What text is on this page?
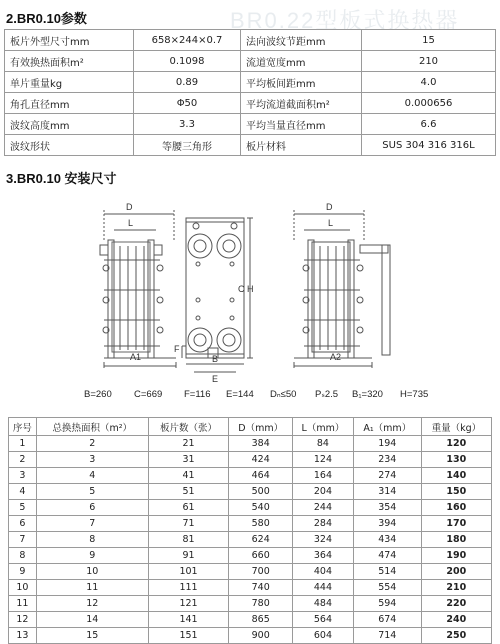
BR0.22型板式换热器
2.BR0.10参数
板片外型尺寸mm	658×244×0.7	法向波纹节距mm	15
有效换热面积m²	0.1098	流道宽度mm	210
单片重量kg	0.89	平均板间距mm	4.0
角孔直径mm	Φ50	平均流道截面积m²	0.000656
波纹高度mm	3.3	平均当量直径mm	6.6
波纹形状	等腰三角形	板片材料	SUS 304 316 316L
3.BR0.10 安装尺寸
D
L
A1
C H
F
B
E
D
L
A2
B=260 C=669 F=116 E=144 Dₙ≤50 Pₛ2.5 B₁=320 H=735
序号	总换热面积（m²）	板片数（张）	D（mm）	L（mm）	A₁（mm）	重量（kg）
1	2	21	384	84	194	120
2	3	31	424	124	234	130
3	4	41	464	164	274	140
4	5	51	500	204	314	150
5	6	61	540	244	354	160
6	7	71	580	284	394	170
7	8	81	624	324	434	180
8	9	91	660	364	474	190
9	10	101	700	404	514	200
10	11	111	740	444	554	210
11	12	121	780	484	594	220
12	14	141	865	564	674	240
13	15	151	900	604	714	250
